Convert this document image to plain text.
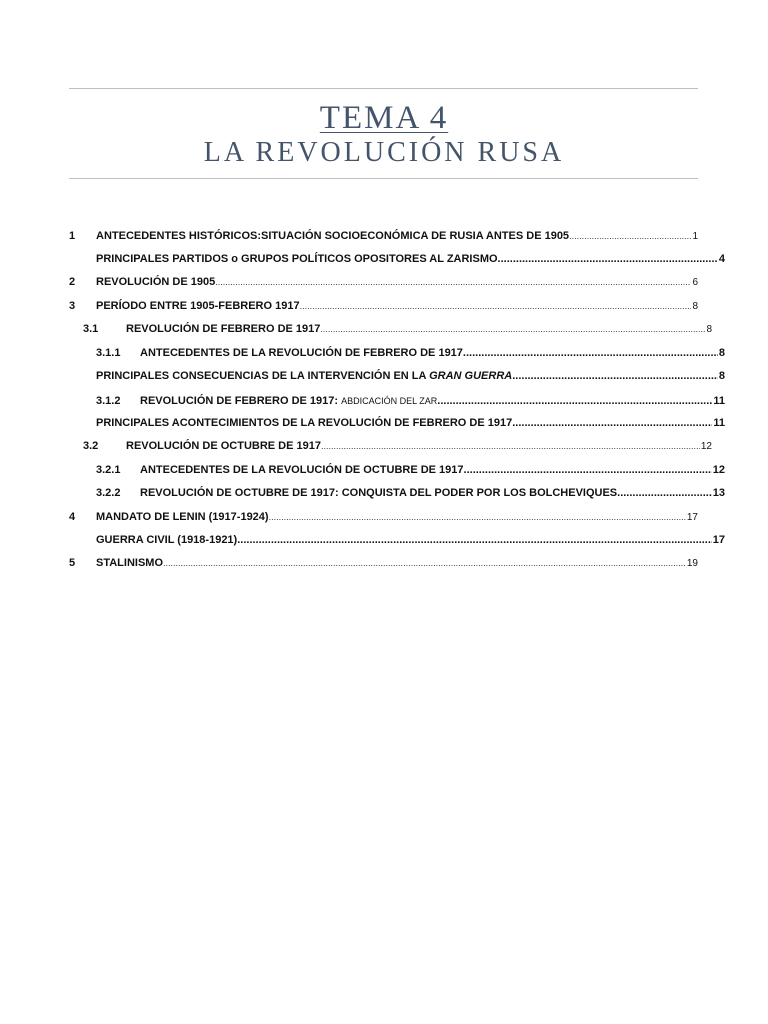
TEMA 4
LA REVOLUCIÓN RUSA
1	ANTECEDENTES HISTÓRICOS:SITUACIÓN SOCIOECONÓMICA DE RUSIA ANTES DE 1905 .....	1
PRINCIPALES PARTIDOS o GRUPOS POLÍTICOS OPOSITORES AL ZARISMO .....	4
2	REVOLUCIÓN DE 1905 .....	6
3	PERÍODO ENTRE 1905-FEBRERO 1917 .....	8
3.1	REVOLUCIÓN DE FEBRERO DE 1917 .....	8
3.1.1	ANTECEDENTES DE LA REVOLUCIÓN DE FEBRERO DE 1917 .....	8
PRINCIPALES CONSECUENCIAS DE LA INTERVENCIÓN EN LA GRAN GUERRA .....	8
3.1.2	REVOLUCIÓN DE FEBRERO DE 1917: ABDICACIÓN DEL ZAR .....	11
PRINCIPALES ACONTECIMIENTOS DE LA REVOLUCIÓN DE FEBRERO DE 1917 .....	11
3.2	REVOLUCIÓN DE OCTUBRE DE 1917 .....	12
3.2.1	ANTECEDENTES DE LA REVOLUCIÓN DE OCTUBRE DE 1917 .....	12
3.2.2	REVOLUCIÓN DE OCTUBRE DE 1917: CONQUISTA DEL PODER POR LOS BOLCHEVIQUES .....	13
4	MANDATO DE LENIN (1917-1924) .....	17
GUERRA CIVIL (1918-1921) .....	17
5	STALINISMO .....	19
